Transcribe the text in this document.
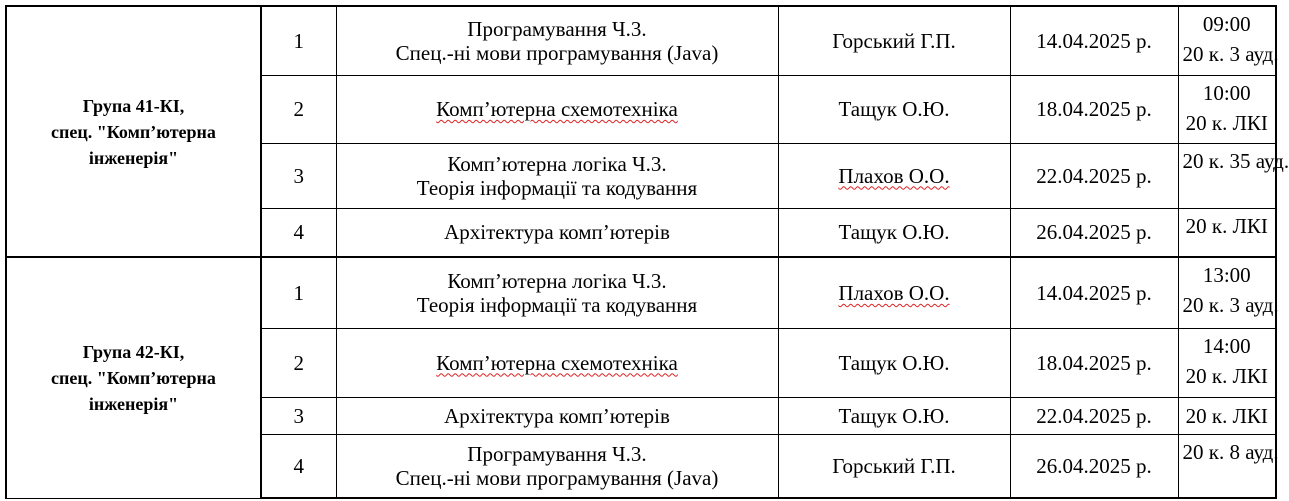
Група 41-КІ,
спец. "Комп’ютерна
інженерія"	1	Програмування Ч.3.
Спец.-ні мови програмування (Java)	Горський Г.П.	14.04.2025 р.	09:00
20 к. 3 ауд.

	2	Комп’ютерна схемотехніка	Тащук О.Ю.	18.04.2025 р.	10:00
20 к. ЛКІ

	3	Комп’ютерна логіка Ч.3.
Теорія інформації та кодування	Плахов О.О.	22.04.2025 р.	20 к. 35 ауд.

	4	Архітектура комп’ютерів	Тащук О.Ю.	26.04.2025 р.	20 к. ЛКІ

Група 42-КІ,
спец. "Комп’ютерна
інженерія"	1	Комп’ютерна логіка Ч.3.
Теорія інформації та кодування	Плахов О.О.	14.04.2025 р.	13:00
20 к. 3 ауд.

	2	Комп’ютерна схемотехніка	Тащук О.Ю.	18.04.2025 р.	14:00
20 к. ЛКІ

	3	Архітектура комп’ютерів	Тащук О.Ю.	22.04.2025 р.	20 к. ЛКІ

	4	Програмування Ч.3.
Спец.-ні мови програмування (Java)	Горський Г.П.	26.04.2025 р.	20 к. 8 ауд.
